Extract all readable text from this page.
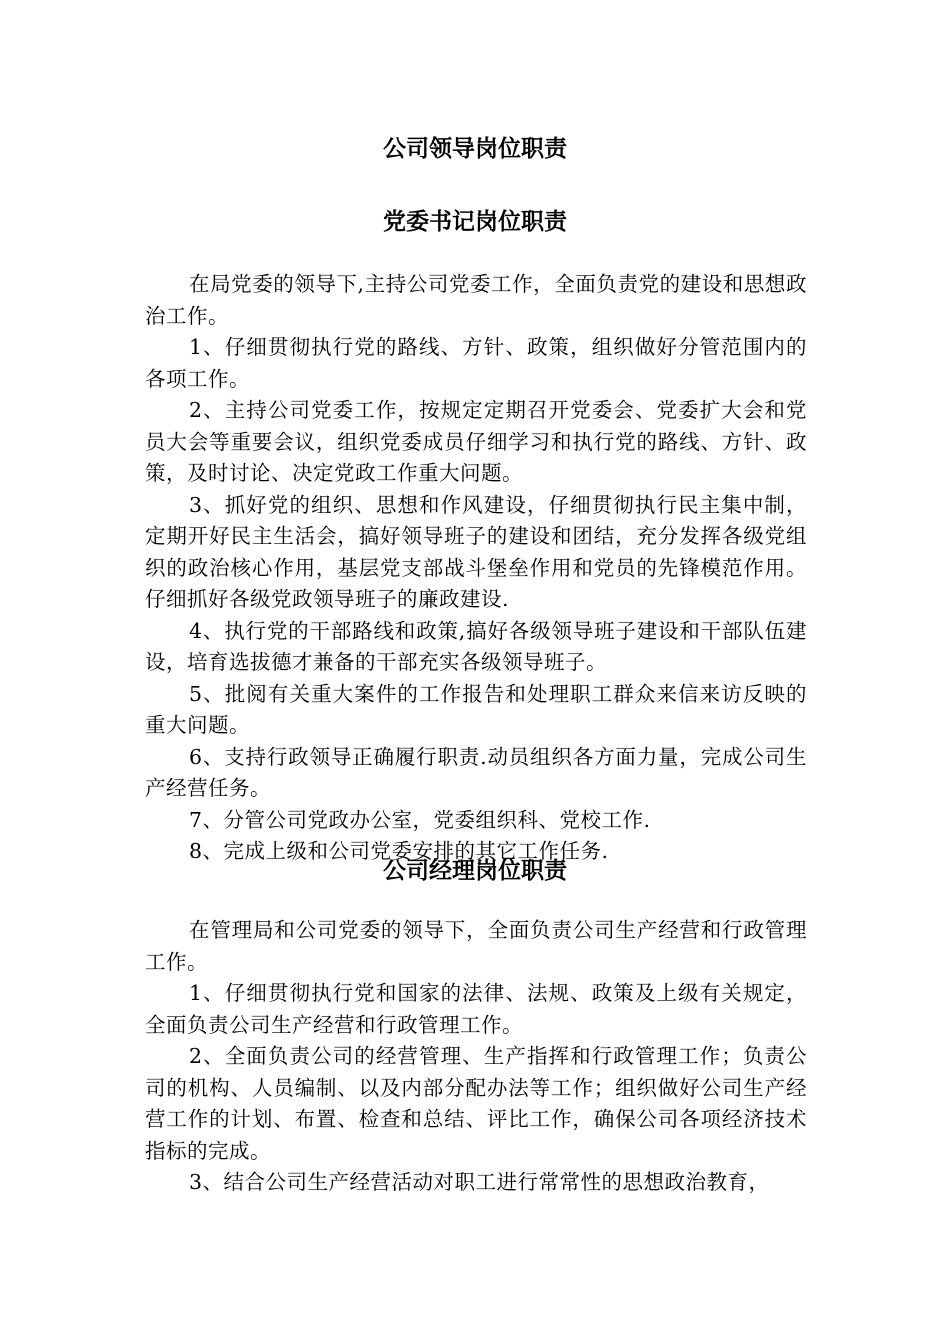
公司领导岗位职责
党委书记岗位职责

在局党委的领导下,主持公司党委工作，全面负责党的建设和思想政治工作。

1、仔细贯彻执行党的路线、方针、政策，组织做好分管范围内的各项工作。

2、主持公司党委工作，按规定定期召开党委会、党委扩大会和党员大会等重要会议，组织党委成员仔细学习和执行党的路线、方针、政策，及时讨论、决定党政工作重大问题。

3、抓好党的组织、思想和作风建设，仔细贯彻执行民主集中制，定期开好民主生活会，搞好领导班子的建设和团结，充分发挥各级党组织的政治核心作用，基层党支部战斗堡垒作用和党员的先锋模范作用。仔细抓好各级党政领导班子的廉政建设.

4、执行党的干部路线和政策,搞好各级领导班子建设和干部队伍建设，培育选拔德才兼备的干部充实各级领导班子。

5、批阅有关重大案件的工作报告和处理职工群众来信来访反映的重大问题。

6、支持行政领导正确履行职责.动员组织各方面力量，完成公司生产经营任务。

7、分管公司党政办公室，党委组织科、党校工作.

8、完成上级和公司党委安排的其它工作任务.

公司经理岗位职责

在管理局和公司党委的领导下，全面负责公司生产经营和行政管理工作。

1、仔细贯彻执行党和国家的法律、法规、政策及上级有关规定，全面负责公司生产经营和行政管理工作。

2、全面负责公司的经营管理、生产指挥和行政管理工作；负责公司的机构、人员编制、以及内部分配办法等工作；组织做好公司生产经营工作的计划、布置、检查和总结、评比工作，确保公司各项经济技术指标的完成。

3、结合公司生产经营活动对职工进行常常性的思想政治教育，
